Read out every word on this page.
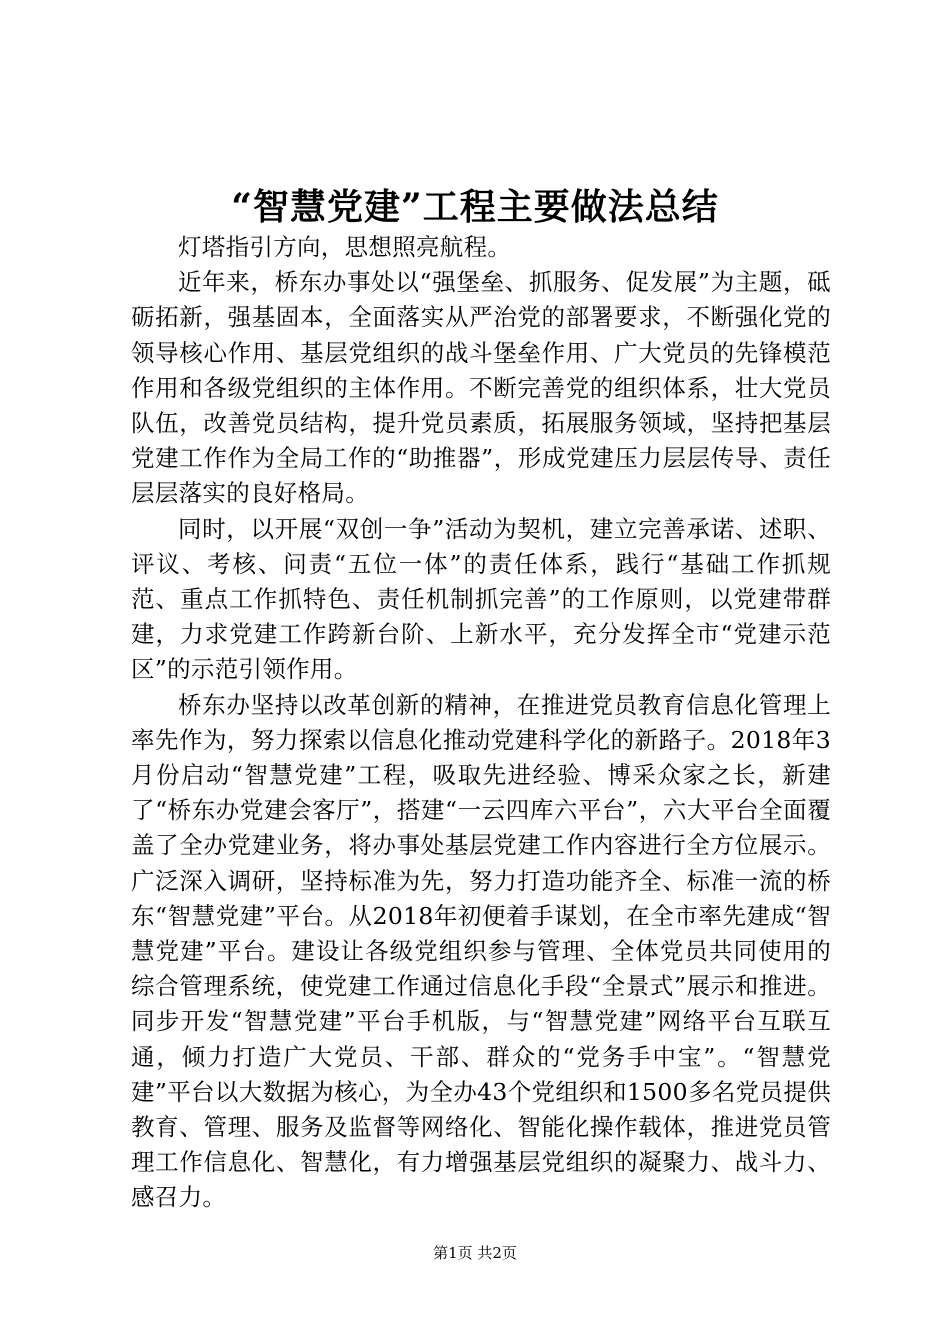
“智慧党建”工程主要做法总结

灯塔指引方向，思想照亮航程。

近年来，桥东办事处以“强堡垒、抓服务、促发展”为主题，砥砺拓新，强基固本，全面落实从严治党的部署要求，不断强化党的领导核心作用、基层党组织的战斗堡垒作用、广大党员的先锋模范作用和各级党组织的主体作用。不断完善党的组织体系，壮大党员队伍，改善党员结构，提升党员素质，拓展服务领域，坚持把基层党建工作作为全局工作的“助推器”，形成党建压力层层传导、责任层层落实的良好格局。

同时，以开展“双创一争”活动为契机，建立完善承诺、述职、评议、考核、问责“五位一体”的责任体系，践行“基础工作抓规范、重点工作抓特色、责任机制抓完善”的工作原则，以党建带群建，力求党建工作跨新台阶、上新水平，充分发挥全市“党建示范区”的示范引领作用。

桥东办坚持以改革创新的精神，在推进党员教育信息化管理上率先作为，努力探索以信息化推动党建科学化的新路子。2018年3月份启动“智慧党建”工程，吸取先进经验、博采众家之长，新建了“桥东办党建会客厅”，搭建“一云四库六平台”，六大平台全面覆盖了全办党建业务，将办事处基层党建工作内容进行全方位展示。广泛深入调研，坚持标准为先，努力打造功能齐全、标准一流的桥东“智慧党建”平台。从2018年初便着手谋划，在全市率先建成“智慧党建”平台。建设让各级党组织参与管理、全体党员共同使用的综合管理系统，使党建工作通过信息化手段“全景式”展示和推进。同步开发“智慧党建”平台手机版，与“智慧党建”网络平台互联互通，倾力打造广大党员、干部、群众的“党务手中宝”。“智慧党建”平台以大数据为核心，为全办43个党组织和1500多名党员提供教育、管理、服务及监督等网络化、智能化操作载体，推进党员管理工作信息化、智慧化，有力增强基层党组织的凝聚力、战斗力、感召力。

第1页 共2页
